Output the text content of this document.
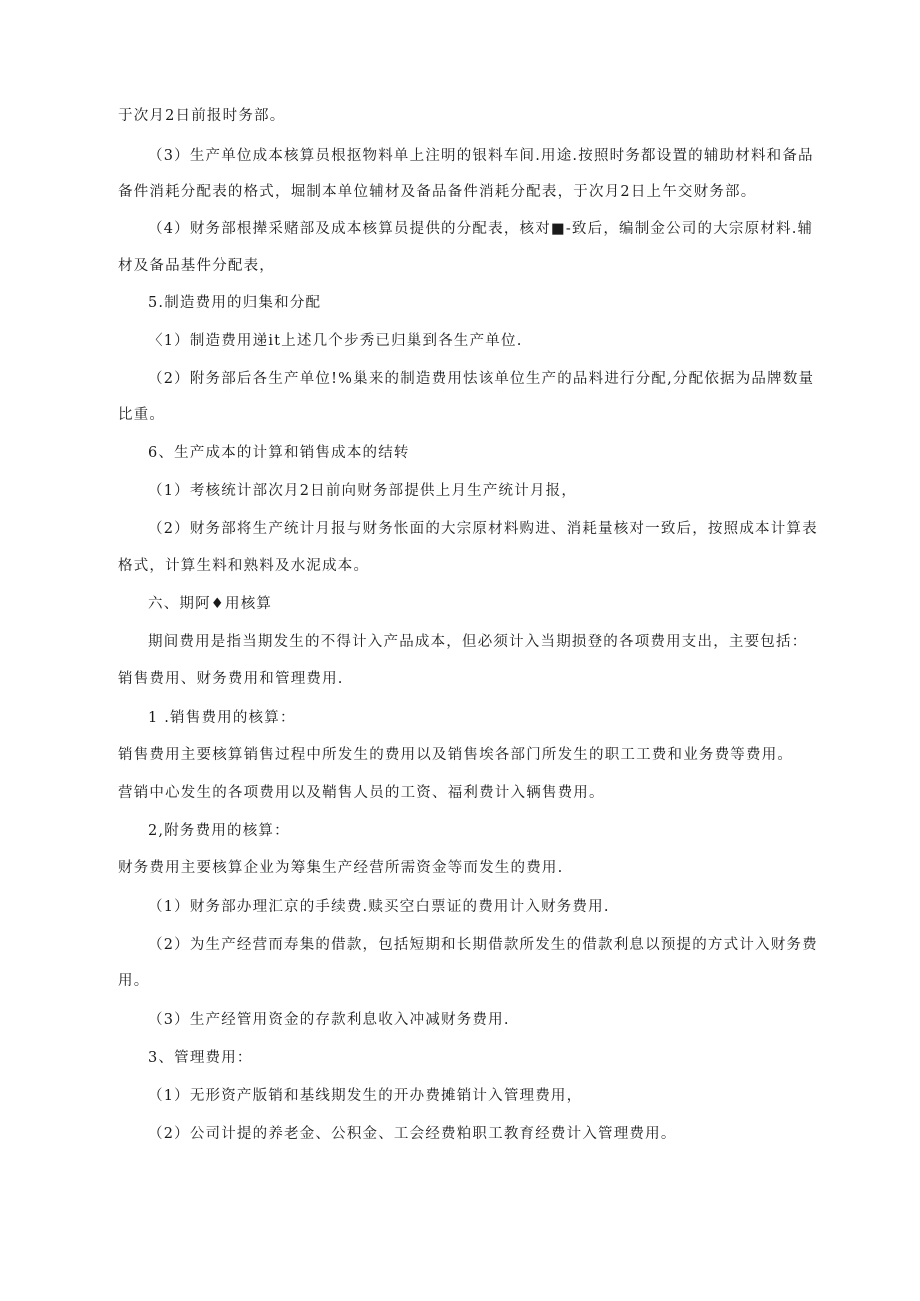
于次月2日前报时务部。
（3）生产单位成本核算员根抠物料单上注明的银料车间.用途.按照时务都设置的辅助材料和备品
备件消耗分配表的格式，堀制本单位辅材及备品备件消耗分配表，于次月2日上午交财务部。
（4）财务部根撵采赌部及成本核算员提供的分配表，核对■-致后，编制金公司的大宗原材料.辅
材及备品基件分配表，
5.制造费用的归集和分配
〈1）制造费用递it上述几个步秀已归巢到各生产单位.
（2）附务部后各生产单位!%巢来的制造费用怯该单位生产的品料进行分配,分配依据为品牌数量
比重。
6、生产成本的计算和销售成本的结转
（1）考核统计部次月2日前向财务部提供上月生产统计月报，
（2）财务部将生产统计月报与财务怅面的大宗原材料购进、消耗量核对一致后，按照成本计算表
格式，计算生料和熟料及水泥成本。
六、期阿♦用核算
期间费用是指当期发生的不得计入产品成本，但必须计入当期损登的各项费用支出，主要包括：
销售费用、财务费用和管理费用.
1 .销售费用的核算：
销售费用主要核算销售过程中所发生的费用以及销售埃各部门所发生的职工工费和业务费等费用。
营销中心发生的各项费用以及鞘售人员的工资、福利费计入辆售费用。
2,附务费用的核算：
财务费用主要核算企业为筹集生产经营所需资金等而发生的费用.
（1）财务部办理汇京的手续费.赎买空白票证的费用计入财务费用.
（2）为生产经营而寿集的借款，包括短期和长期借款所发生的借款利息以预提的方式计入财务费
用。
（3）生产经管用资金的存款利息收入冲减财务费用.
3、管理费用：
（1）无形资产版销和基线期发生的开办费摊销计入管理费用，
（2）公司计提的养老金、公积金、工会经费粕职工教育经费计入管理费用。
